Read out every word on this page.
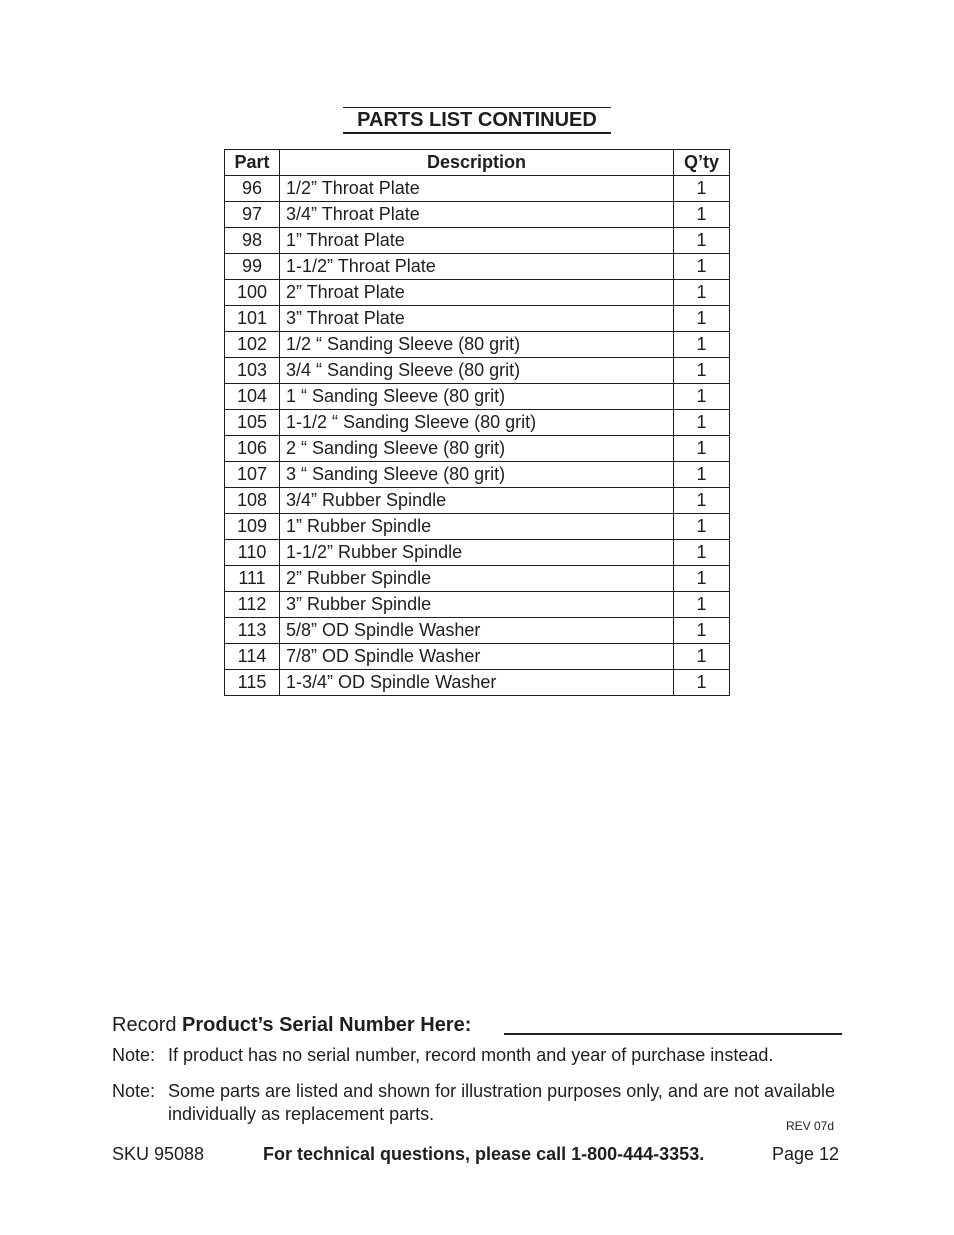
PARTS LIST CONTINUED
Part	Description	Q’ty
96	1/2” Throat Plate	1
97	3/4” Throat Plate	1
98	1” Throat Plate	1
99	1-1/2” Throat Plate	1
100	2” Throat Plate	1
101	3” Throat Plate	1
102	1/2 “ Sanding Sleeve (80 grit)	1
103	3/4 “ Sanding Sleeve (80 grit)	1
104	1 “ Sanding Sleeve (80 grit)	1
105	1-1/2 “ Sanding Sleeve (80 grit)	1
106	2 “ Sanding Sleeve (80 grit)	1
107	3 “ Sanding Sleeve (80 grit)	1
108	3/4” Rubber Spindle	1
109	1” Rubber Spindle	1
110	1-1/2” Rubber Spindle	1
111	2” Rubber Spindle	1
112	3” Rubber Spindle	1
113	5/8” OD Spindle Washer	1
114	7/8” OD Spindle Washer	1
115	1-3/4” OD Spindle Washer	1
Record Product’s Serial Number Here:
Note: If product has no serial number, record month and year of purchase instead.
Note: Some parts are listed and shown for illustration purposes only, and are not available individually as replacement parts.
REV 07d
SKU 95088	For technical questions, please call 1-800-444-3353.	Page 12
